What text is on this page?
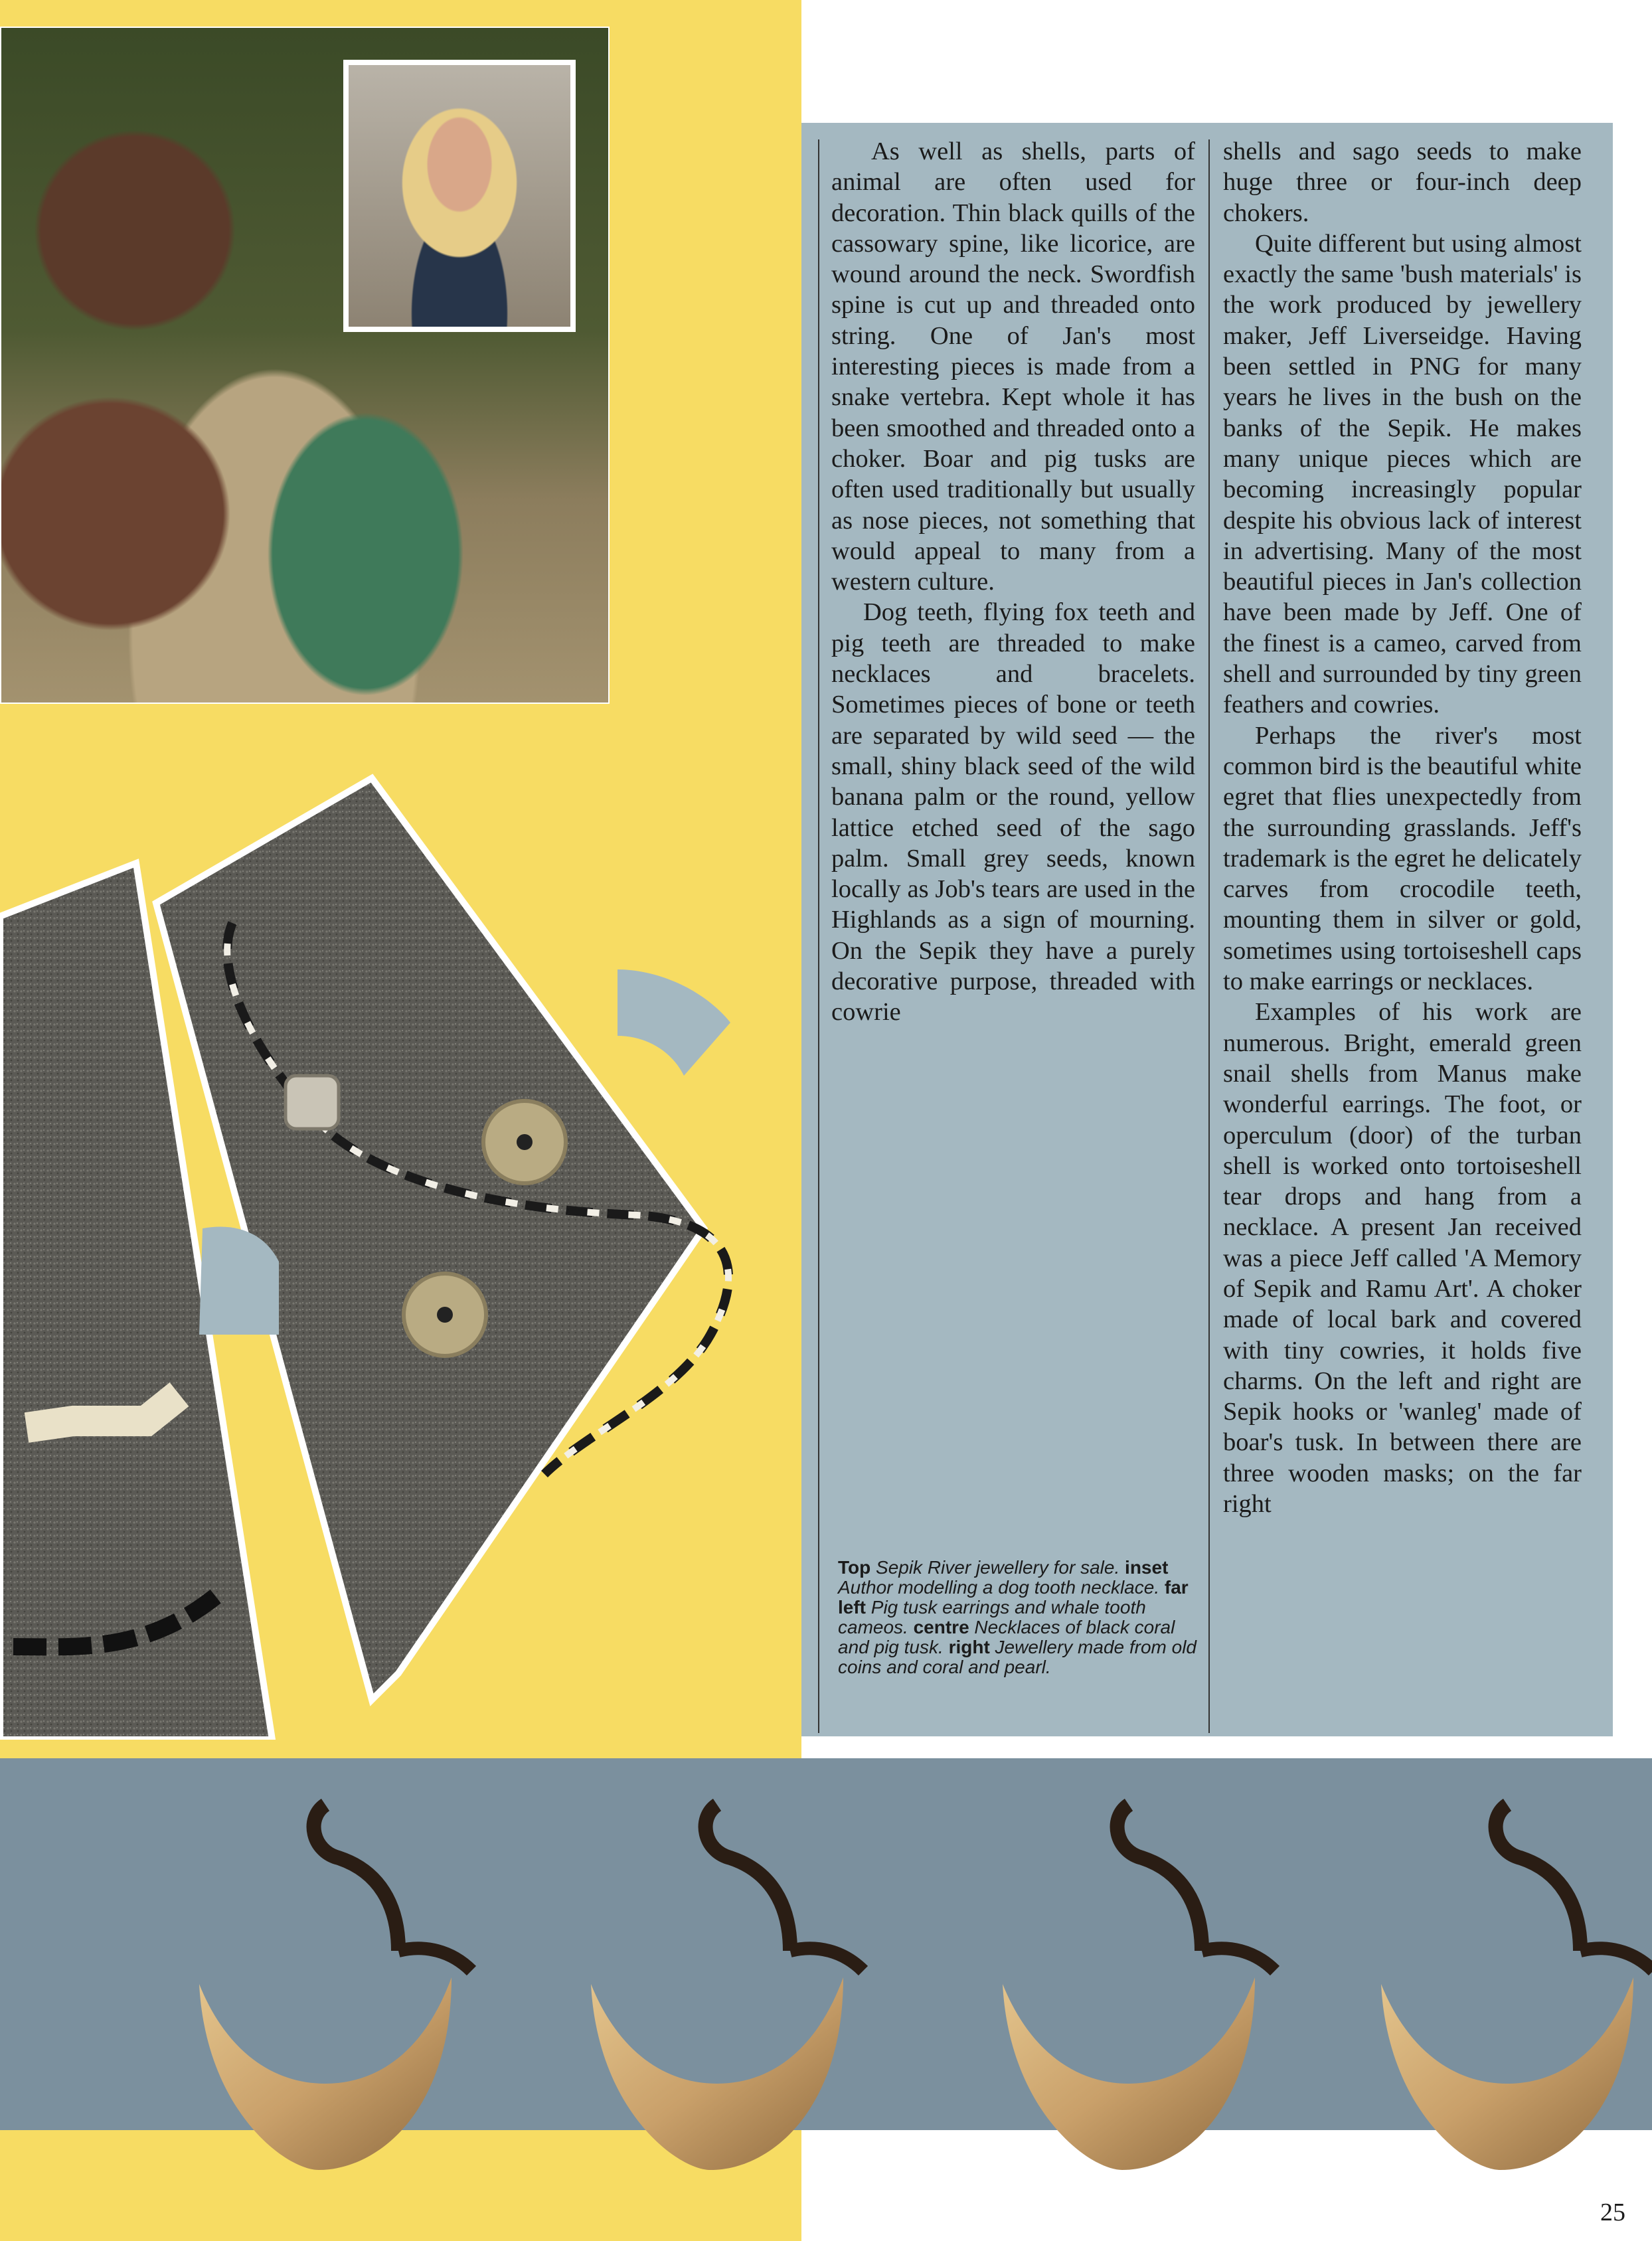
As well as shells, parts of animal are often used for decoration. Thin black quills of the cassowary spine, like licorice, are wound around the neck. Swordfish spine is cut up and threaded onto string. One of Jan's most interesting pieces is made from a snake vertebra. Kept whole it has been smoothed and threaded onto a choker. Boar and pig tusks are often used traditionally but usually as nose pieces, not something that would appeal to many from a western culture.

Dog teeth, flying fox teeth and pig teeth are threaded to make necklaces and bracelets. Sometimes pieces of bone or teeth are separated by wild seed — the small, shiny black seed of the wild banana palm or the round, yellow lattice etched seed of the sago palm. Small grey seeds, known locally as Job's tears are used in the Highlands as a sign of mourning. On the Sepik they have a purely decorative purpose, threaded with cowrie

shells and sago seeds to make huge three or four-inch deep chokers.

Quite different but using almost exactly the same 'bush materials' is the work produced by jewellery maker, Jeff Liverseidge. Having been settled in PNG for many years he lives in the bush on the banks of the Sepik. He makes many unique pieces which are becoming increasingly popular despite his obvious lack of interest in advertising. Many of the most beautiful pieces in Jan's collection have been made by Jeff. One of the finest is a cameo, carved from shell and surrounded by tiny green feathers and cowries.

Perhaps the river's most common bird is the beautiful white egret that flies unexpectedly from the surrounding grasslands. Jeff's trademark is the egret he delicately carves from crocodile teeth, mounting them in silver or gold, sometimes using tortoiseshell caps to make earrings or necklaces.

Examples of his work are numerous. Bright, emerald green snail shells from Manus make wonderful earrings. The foot, or operculum (door) of the turban shell is worked onto tortoiseshell tear drops and hang from a necklace. A present Jan received was a piece Jeff called 'A Memory of Sepik and Ramu Art'. A choker made of local bark and covered with tiny cowries, it holds five charms. On the left and right are Sepik hooks or 'wanleg' made of boar's tusk. In between there are three wooden masks; on the far right

Top Sepik River jewellery for sale. inset Author modelling a dog tooth necklace. far left Pig tusk earrings and whale tooth cameos. centre Necklaces of black coral and pig tusk. right Jewellery made from old coins and coral and pearl.
25
